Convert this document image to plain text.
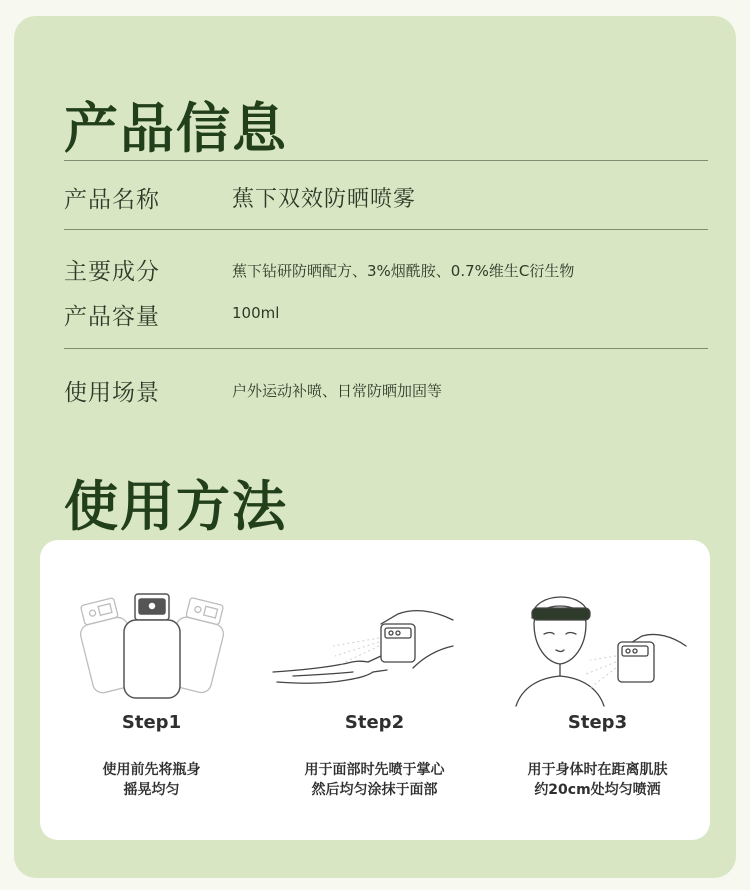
产品信息
产品名称	蕉下双效防晒喷雾
主要成分	蕉下钻研防晒配方、3%烟酰胺、0.7%维生C衍生物
产品容量	100ml
使用场景	户外运动补喷、日常防晒加固等
使用方法
Step1
使用前先将瓶身
摇晃均匀
Step2
用于面部时先喷于掌心
然后均匀涂抹于面部
Step3
用于身体时在距离肌肤
约20cm处均匀喷洒
